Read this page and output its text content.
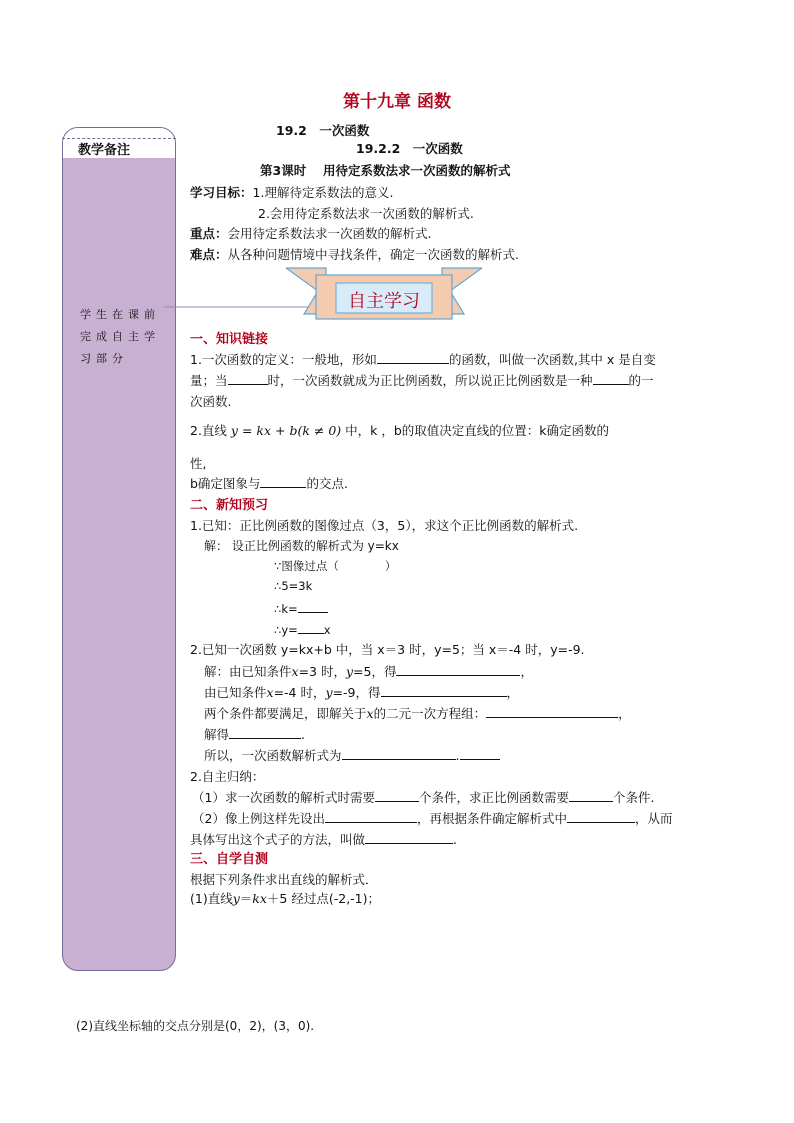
第十九章 函数
教学备注
学生在课前完成自主学习部分
19.2　一次函数
19.2.2　一次函数
第3课时　 用待定系数法求一次函数的解析式
学习目标：1.理解待定系数法的意义.
2.会用待定系数法求一次函数的解析式.
重点：会用待定系数法求一次函数的解析式.
难点：从各种问题情境中寻找条件，确定一次函数的解析式.
自主学习
一、知识链接
1.一次函数的定义：一般地，形如	的函数，叫做一次函数,其中 x 是自变
量；当	时，一次函数就成为正比例函数，所以说正比例函数是一种	的一
次函数.
2.直线 y = kx + b(k ≠ 0) 中，k ，b的取值决定直线的位置：k确定函数的
性,
b确定图象与	的交点.
二、新知预习
1.已知：正比例函数的图像过点（3，5），求这个正比例函数的解析式.
解： 设正比例函数的解析式为 y=kx
∵图像过点（　　　　）
∴5=3k
∴k=
∴y= x
2.已知一次函数 y=kx+b 中，当 x＝3 时，y=5；当 x＝-4 时，y=-9.
解：由已知条件x=3 时，y=5，得	，
由已知条件x=-4 时，y=-9，得	，
两个条件都要满足，即解关于x的二元一次方程组：	，
解得	.
所以，一次函数解析式为	.
2.自主归纳：
（1）求一次函数的解析式时需要	个条件，求正比例函数需要	个条件.
（2）像上例这样先设出	，再根据条件确定解析式中	，从而
具体写出这个式子的方法，叫做	.
三、自学自测
根据下列条件求出直线的解析式．
(1)直线y＝kx＋5 经过点(-2,-1)；
(2)直线坐标轴的交点分别是(0，2)，(3，0).
